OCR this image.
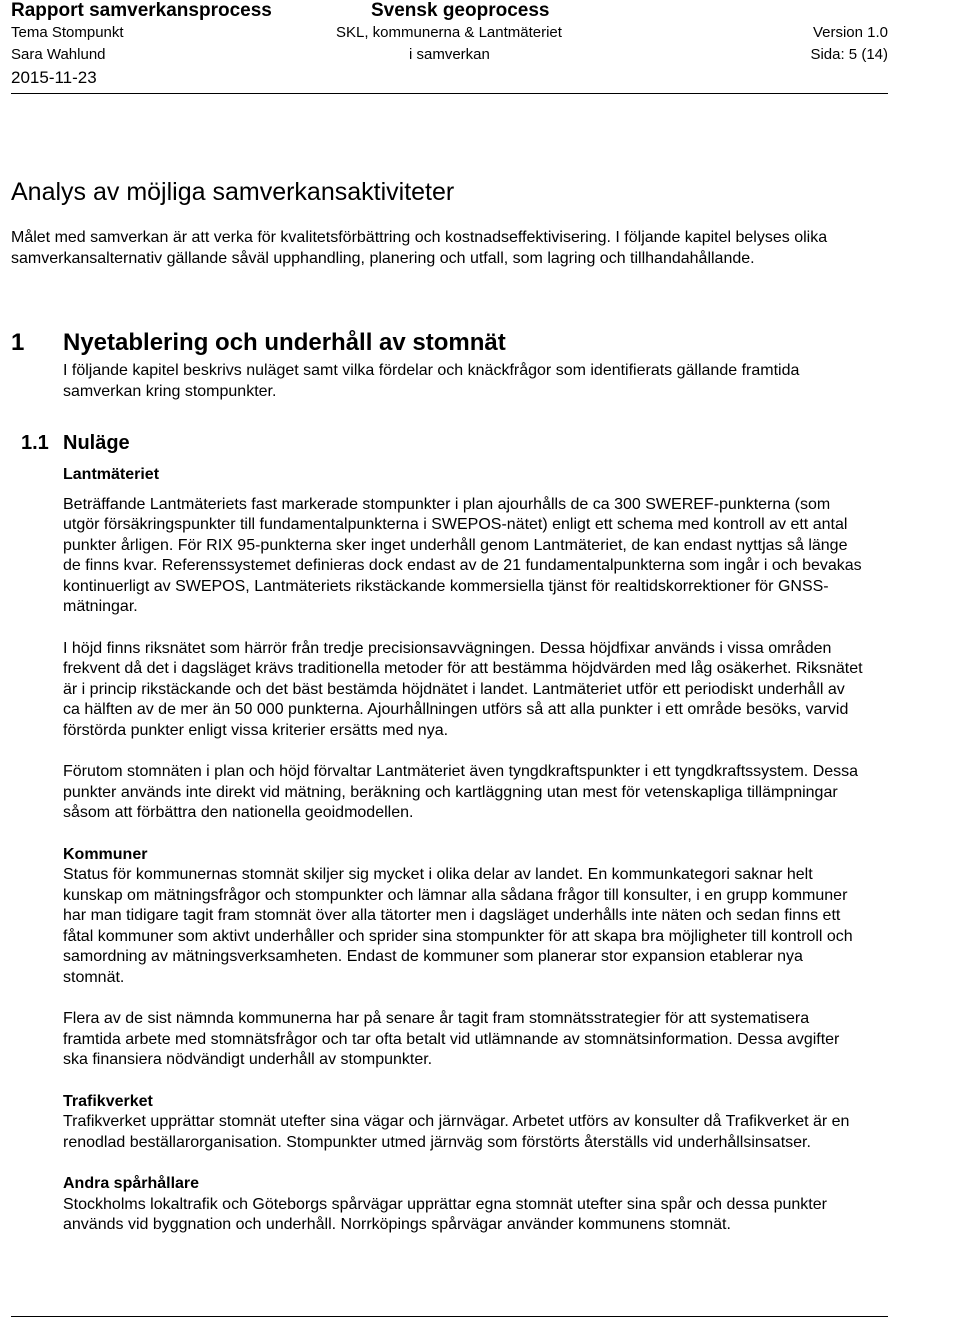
Rapport samverkansprocess	Svensk geoprocess
Tema Stompunkt	SKL, kommunerna & Lantmäteriet	Version 1.0
Sara Wahlund	i samverkan	Sida: 5 (14)
2015-11-23
Analys av möjliga samverkansaktiviteter

Målet med samverkan är att verka för kvalitetsförbättring och kostnadseffektivisering. I följande kapitel belyses olika samverkansalternativ gällande såväl upphandling, planering och utfall, som lagring och tillhandahållande.

1 Nyetablering och underhåll av stomnät

I följande kapitel beskrivs nuläget samt vilka fördelar och knäckfrågor som identifierats gällande framtida samverkan kring stompunkter.

1.1 Nuläge
Lantmäteriet

Beträffande Lantmäteriets fast markerade stompunkter i plan ajourhålls de ca 300 SWEREF-punkterna (som utgör försäkringspunkter till fundamentalpunkterna i SWEPOS-nätet) enligt ett schema med kontroll av ett antal punkter årligen. För RIX 95-punkterna sker inget underhåll genom Lantmäteriet, de kan endast nyttjas så länge de finns kvar. Referenssystemet definieras dock endast av de 21 fundamentalpunkterna som ingår i och bevakas kontinuerligt av SWEPOS, Lantmäteriets rikstäckande kommersiella tjänst för realtidskorrektioner för GNSS-mätningar.

I höjd finns riksnätet som härrör från tredje precisionsavvägningen. Dessa höjdfixar används i vissa områden frekvent då det i dagsläget krävs traditionella metoder för att bestämma höjdvärden med låg osäkerhet. Riksnätet är i princip rikstäckande och det bäst bestämda höjdnätet i landet. Lantmäteriet utför ett periodiskt underhåll av ca hälften av de mer än 50 000 punkterna. Ajourhållningen utförs så att alla punkter i ett område besöks, varvid förstörda punkter enligt vissa kriterier ersätts med nya.

Förutom stomnäten i plan och höjd förvaltar Lantmäteriet även tyngdkraftspunkter i ett tyngdkraftssystem. Dessa punkter används inte direkt vid mätning, beräkning och kartläggning utan mest för vetenskapliga tillämpningar såsom att förbättra den nationella geoidmodellen.

Kommuner

Status för kommunernas stomnät skiljer sig mycket i olika delar av landet. En kommunkategori saknar helt kunskap om mätningsfrågor och stompunkter och lämnar alla sådana frågor till konsulter, i en grupp kommuner har man tidigare tagit fram stomnät över alla tätorter men i dagsläget underhålls inte näten och sedan finns ett fåtal kommuner som aktivt underhåller och sprider sina stompunkter för att skapa bra möjligheter till kontroll och samordning av mätningsverksamheten. Endast de kommuner som planerar stor expansion etablerar nya stomnät.

Flera av de sist nämnda kommunerna har på senare år tagit fram stomnätsstrategier för att systematisera framtida arbete med stomnätsfrågor och tar ofta betalt vid utlämnande av stomnätsinformation. Dessa avgifter ska finansiera nödvändigt underhåll av stompunkter.

Trafikverket

Trafikverket upprättar stomnät utefter sina vägar och järnvägar. Arbetet utförs av konsulter då Trafikverket är en renodlad beställarorganisation. Stompunkter utmed järnväg som förstörts återställs vid underhållsinsatser.

Andra spårhållare

Stockholms lokaltrafik och Göteborgs spårvägar upprättar egna stomnät utefter sina spår och dessa punkter används vid byggnation och underhåll. Norrköpings spårvägar använder kommunens stomnät.
